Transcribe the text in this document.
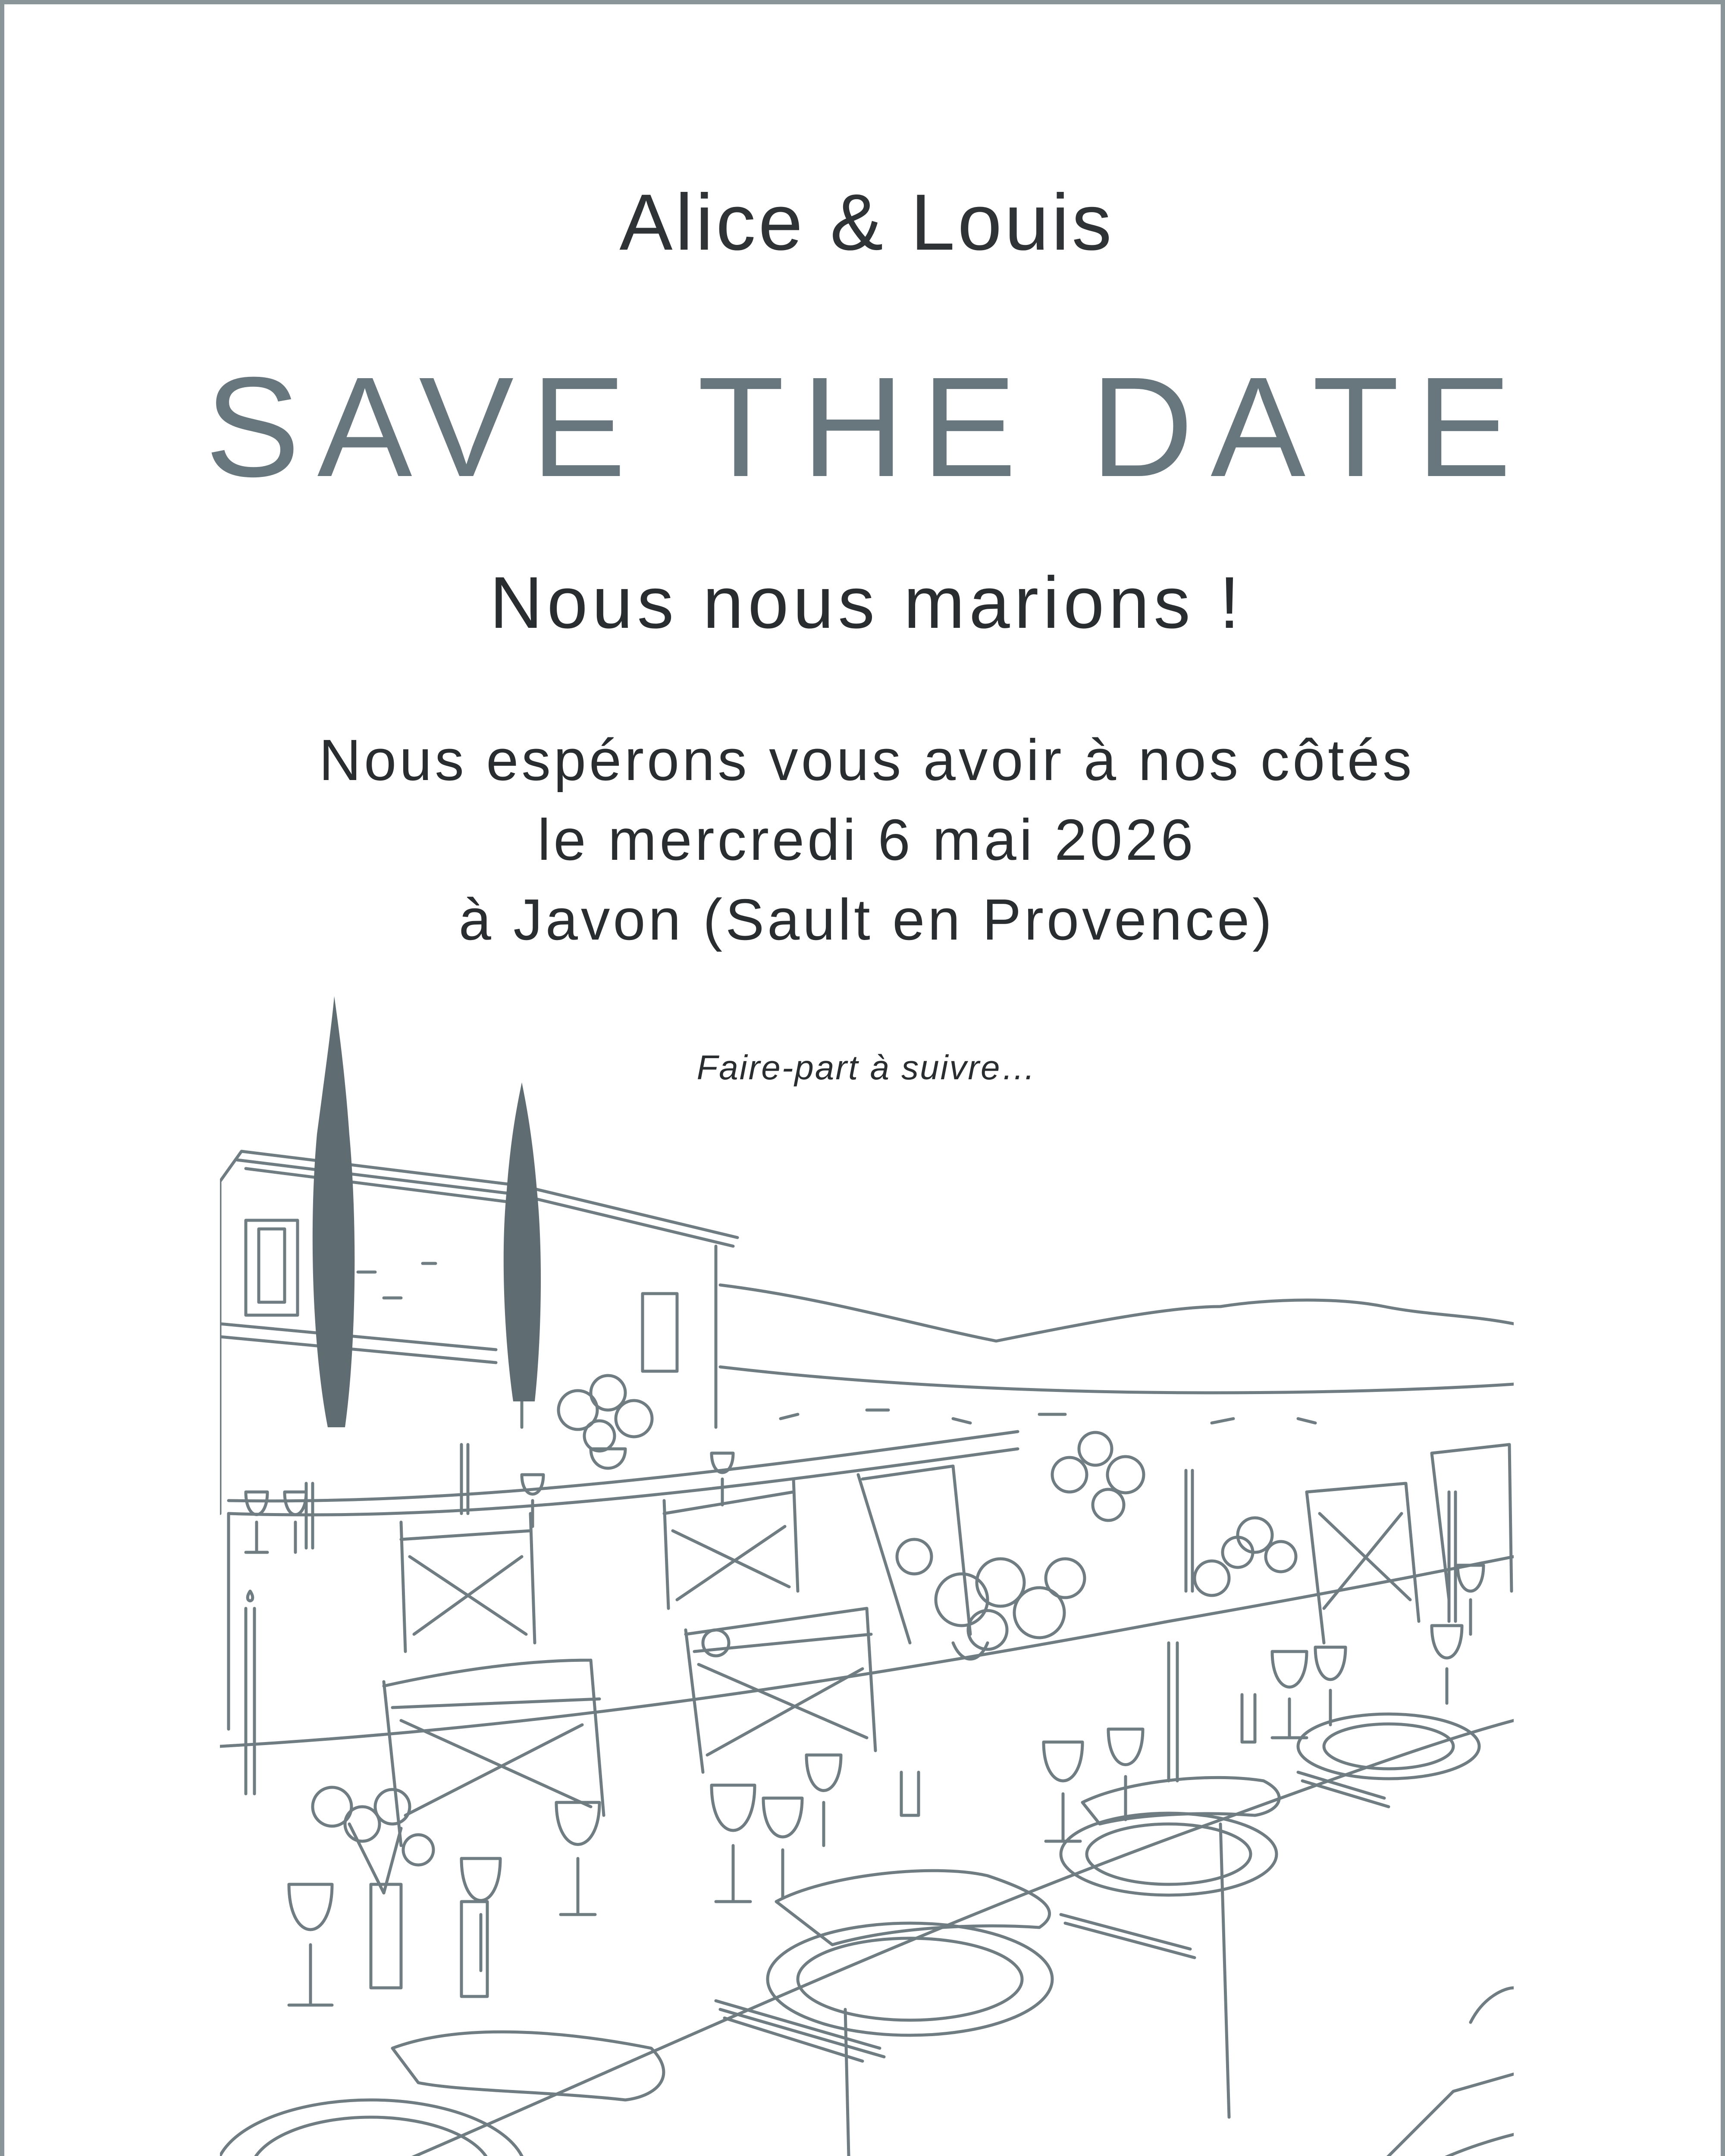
Alice & Louis
SAVE THE DATE
Nous nous marions !
Nous espérons vous avoir à nos côtés
le mercredi 6 mai 2026
à Javon (Sault en Provence)
Faire-part à suivre…
